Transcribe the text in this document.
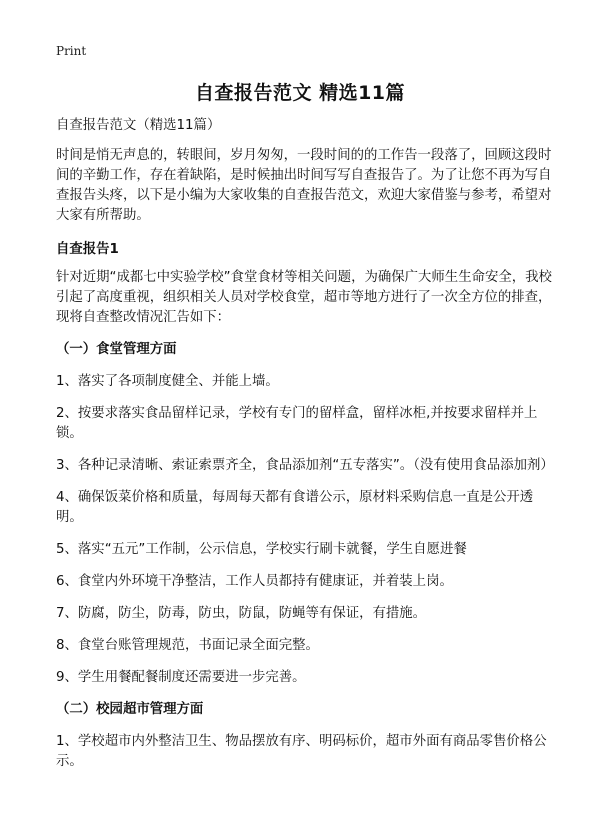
Print
自查报告范文 精选11篇

自查报告范文（精选11篇）

时间是悄无声息的，转眼间，岁月匆匆，一段时间的的工作告一段落了，回顾这段时间的辛勤工作，存在着缺陷，是时候抽出时间写写自查报告了。为了让您不再为写自查报告头疼，以下是小编为大家收集的自查报告范文，欢迎大家借鉴与参考，希望对大家有所帮助。

自查报告1

针对近期“成都七中实验学校”食堂食材等相关问题，为确保广大师生生命安全，我校引起了高度重视，组织相关人员对学校食堂，超市等地方进行了一次全方位的排查，现将自查整改情况汇告如下：

（一）食堂管理方面

1、落实了各项制度健全、并能上墙。

2、按要求落实食品留样记录，学校有专门的留样盒，留样冰柜,并按要求留样并上锁。

3、各种记录清晰、索证索票齐全，食品添加剂“五专落实”。（没有使用食品添加剂）

4、确保饭菜价格和质量，每周每天都有食谱公示，原材料采购信息一直是公开透明。

5、落实“五元”工作制，公示信息，学校实行刷卡就餐，学生自愿进餐

6、食堂内外环境干净整洁，工作人员都持有健康证，并着装上岗。

7、防腐，防尘，防毒，防虫，防鼠，防蝇等有保证，有措施。

8、食堂台账管理规范，书面记录全面完整。

9、学生用餐配餐制度还需要进一步完善。

（二）校园超市管理方面

1、学校超市内外整洁卫生、物品摆放有序、明码标价，超市外面有商品零售价格公示。
